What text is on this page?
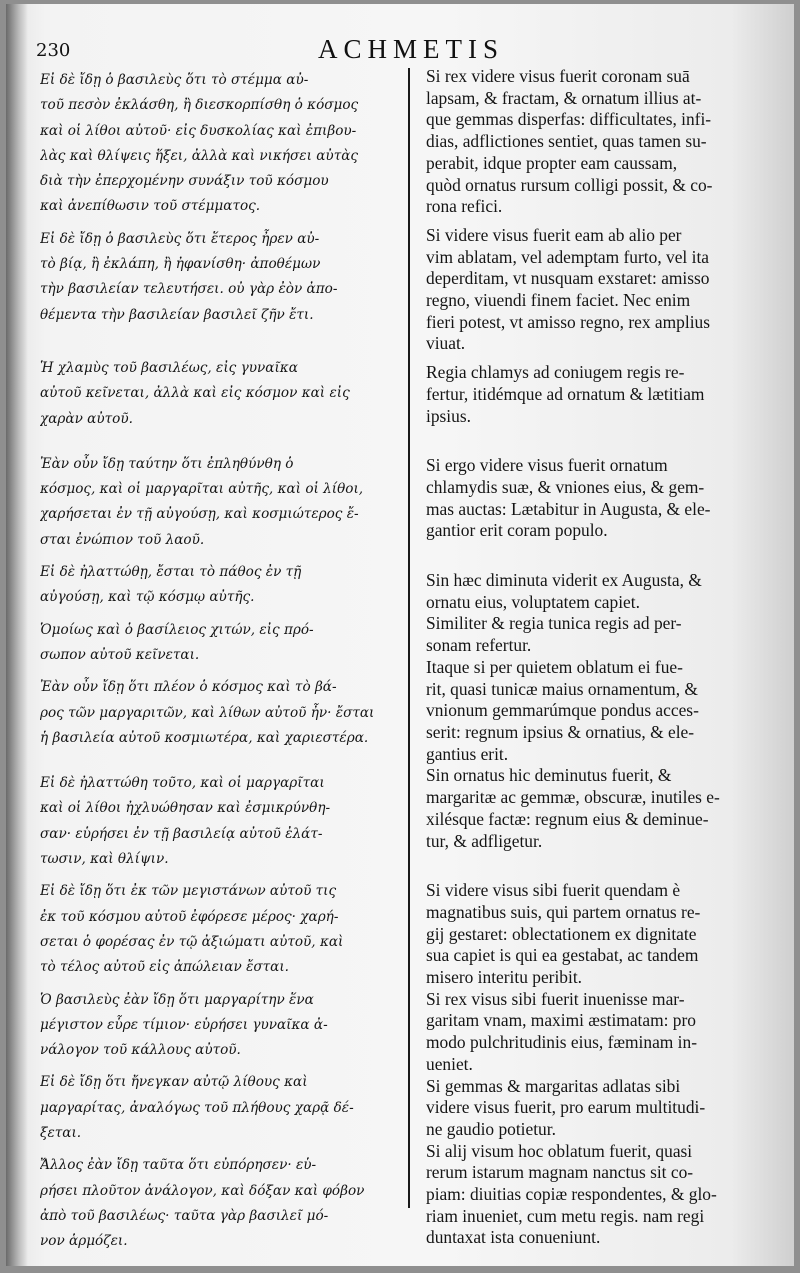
230	ACHMETIS
Εἰ δὲ ἴδῃ ὁ βασιλεὺς ὅτι τὸ στέμμα αὐ-
τοῦ πεσὸν ἐκλάσθη, ἢ διεσκορπίσθη ὁ κόσμος
καὶ οἱ λίθοι αὐτοῦ· εἰς δυσκολίας καὶ ἐπιβου-
λὰς καὶ θλίψεις ἥξει, ἀλλὰ καὶ νικήσει αὐτὰς
διὰ τὴν ἐπερχομένην συνάξιν τοῦ κόσμου
καὶ ἀνεπίθωσιν τοῦ στέμματος.
Εἰ δὲ ἴδῃ ὁ βασιλεὺς ὅτι ἕτερος ἦρεν αὐ-
τὸ βίᾳ, ἢ ἐκλάπη, ἢ ἠφανίσθη· ἀποθέμων
τὴν βασιλείαν τελευτήσει. οὐ γὰρ ἐὸν ἀπο-
θέμεντα τὴν βασιλείαν βασιλεῖ ζῆν ἔτι.
Ἡ χλαμὺς τοῦ βασιλέως, εἰς γυναῖκα
αὐτοῦ κεῖνεται, ἀλλὰ καὶ εἰς κόσμον καὶ εἰς
χαρὰν αὐτοῦ.
Ἐὰν οὖν ἴδῃ ταύτην ὅτι ἐπληθύνθη ὁ
κόσμος, καὶ οἱ μαργαρῖται αὐτῆς, καὶ οἱ λίθοι,
χαρήσεται ἐν τῇ αὐγούσῃ, καὶ κοσμιώτερος ἔ-
σται ἐνώπιον τοῦ λαοῦ.
Εἰ δὲ ἠλαττώθῃ, ἔσται τὸ πάθος ἐν τῇ
αὐγούσῃ, καὶ τῷ κόσμῳ αὐτῆς.
Ὁμοίως καὶ ὁ βασίλειος χιτών, εἰς πρό-
σωπον αὐτοῦ κεῖνεται.
Ἐὰν οὖν ἴδῃ ὅτι πλέον ὁ κόσμος καὶ τὸ βά-
ρος τῶν μαργαριτῶν, καὶ λίθων αὐτοῦ ἦν· ἔσται
ἡ βασιλεία αὐτοῦ κοσμιωτέρα, καὶ χαριεστέρα.
Εἰ δὲ ἠλαττώθη τοῦτο, καὶ οἱ μαργαρῖται
καὶ οἱ λίθοι ἠχλυώθησαν καὶ ἐσμικρύνθη-
σαν· εὑρήσει ἐν τῇ βασιλείᾳ αὐτοῦ ἐλάτ-
τωσιν, καὶ θλίψιν.
Εἰ δὲ ἴδῃ ὅτι ἐκ τῶν μεγιστάνων αὐτοῦ τις
ἐκ τοῦ κόσμου αὐτοῦ ἐφόρεσε μέρος· χαρή-
σεται ὁ φορέσας ἐν τῷ ἀξιώματι αὐτοῦ, καὶ
τὸ τέλος αὐτοῦ εἰς ἀπώλειαν ἔσται.
Ὁ βασιλεὺς ἐὰν ἴδῃ ὅτι μαργαρίτην ἕνα
μέγιστον εὗρε τίμιον· εὑρήσει γυναῖκα ἀ-
νάλογον τοῦ κάλλους αὐτοῦ.
Εἰ δὲ ἴδῃ ὅτι ἤνεγκαν αὐτῷ λίθους καὶ
μαργαρίτας, ἀναλόγως τοῦ πλήθους χαρᾷ δέ-
ξεται.
Ἄλλος ἐὰν ἴδῃ ταῦτα ὅτι εὐπόρησεν· εὑ-
ρήσει πλοῦτον ἀνάλογον, καὶ δόξαν καὶ φόβον
ἀπὸ τοῦ βασιλέως· ταῦτα γὰρ βασιλεῖ μό-
νον ἁρμόζει.
Si rex videre visus fuerit coronam suā
lapsam, & fractam, & ornatum illius at-
que gemmas disperfas: difficultates, infi-
dias, adflictiones sentiet, quas tamen su-
perabit, idque propter eam caussam,
quòd ornatus rursum colligi possit, & co-
rona refici.
Si videre visus fuerit eam ab alio per
vim ablatam, vel ademptam furto, vel ita
deperditam, vt nusquam exstaret: amisso
regno, viuendi finem faciet. Nec enim
fieri potest, vt amisso regno, rex amplius
viuat.
Regia chlamys ad coniugem regis re-
fertur, itidémque ad ornatum & lætitiam
ipsius.
Si ergo videre visus fuerit ornatum
chlamydis suæ, & vniones eius, & gem-
mas auctas: Lætabitur in Augusta, & ele-
gantior erit coram populo.
Sin hæc diminuta viderit ex Augusta, &
ornatu eius, voluptatem capiet.
Similiter & regia tunica regis ad per-
sonam refertur.
Itaque si per quietem oblatum ei fue-
rit, quasi tunicæ maius ornamentum, &
vnionum gemmarúmque pondus acces-
serit: regnum ipsius & ornatius, & ele-
gantius erit.
Sin ornatus hic deminutus fuerit, &
margaritæ ac gemmæ, obscuræ, inutiles e-
xilésque factæ: regnum eius & deminue-
tur, & adfligetur.
Si videre visus sibi fuerit quendam è
magnatibus suis, qui partem ornatus re-
gij gestaret: oblectationem ex dignitate
sua capiet is qui ea gestabat, ac tandem
misero interitu peribit.
Si rex visus sibi fuerit inuenisse mar-
garitam vnam, maximi æstimatam: pro
modo pulchritudinis eius, fæminam in-
ueniet.
Si gemmas & margaritas adlatas sibi
videre visus fuerit, pro earum multitudi-
ne gaudio potietur.
Si alij visum hoc oblatum fuerit, quasi
rerum istarum magnam nanctus sit co-
piam: diuitias copiæ respondentes, & glo-
riam inueniet, cum metu regis. nam regi
duntaxat ista conueniunt.
